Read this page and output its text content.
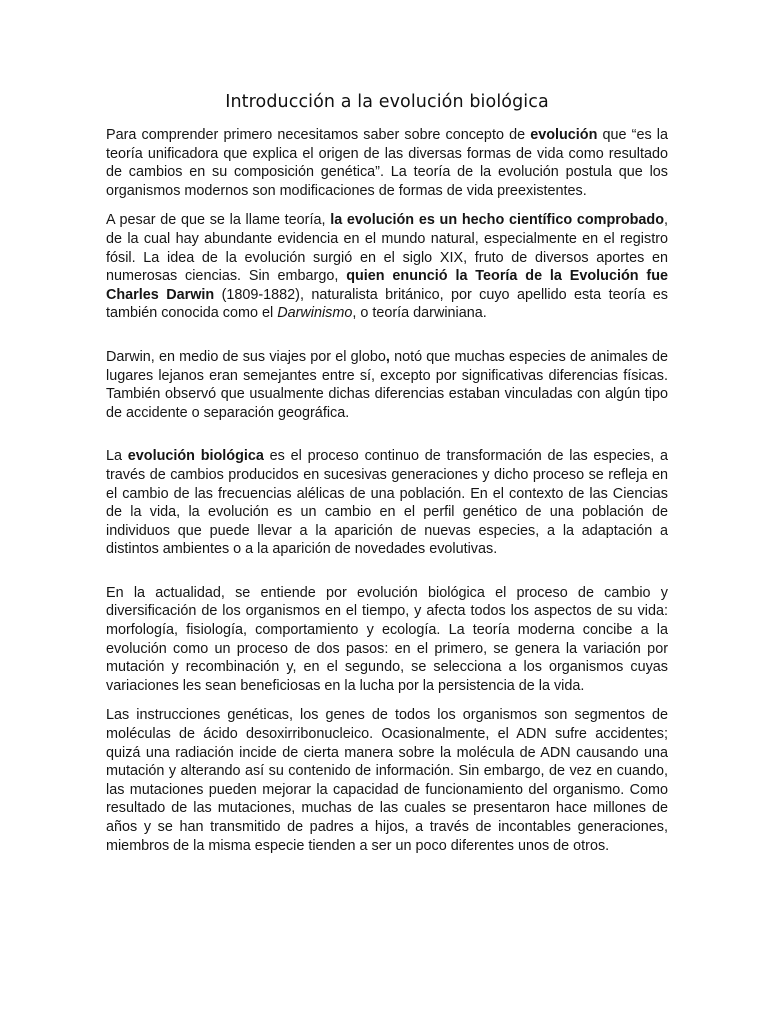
Introducción a la evolución biológica

Para comprender primero necesitamos saber sobre concepto de evolución que “es la teoría unificadora que explica el origen de las diversas formas de vida como resultado de cambios en su composición genética”. La teoría de la evolución postula que los organismos modernos son modificaciones de formas de vida preexistentes.

A pesar de que se la llame teoría, la evolución es un hecho científico comprobado, de la cual hay abundante evidencia en el mundo natural, especialmente en el registro fósil. La idea de la evolución surgió en el siglo XIX, fruto de diversos aportes en numerosas ciencias. Sin embargo, quien enunció la Teoría de la Evolución fue Charles Darwin (1809-1882), naturalista británico, por cuyo apellido esta teoría es también conocida como el Darwinismo, o teoría darwiniana.

Darwin, en medio de sus viajes por el globo, notó que muchas especies de animales de lugares lejanos eran semejantes entre sí, excepto por significativas diferencias físicas. También observó que usualmente dichas diferencias estaban vinculadas con algún tipo de accidente o separación geográfica.

La evolución biológica es el proceso continuo de transformación de las especies, a través de cambios producidos en sucesivas generaciones y dicho proceso se refleja en el cambio de las frecuencias alélicas de una población. En el contexto de las Ciencias de la vida, la evolución es un cambio en el perfil genético de una población de individuos que puede llevar a la aparición de nuevas especies, a la adaptación a distintos ambientes o a la aparición de novedades evolutivas.

En la actualidad, se entiende por evolución biológica el proceso de cambio y diversificación de los organismos en el tiempo, y afecta todos los aspectos de su vida: morfología, fisiología, comportamiento y ecología. La teoría moderna concibe a la evolución como un proceso de dos pasos: en el primero, se genera la variación por mutación y recombinación y, en el segundo, se selecciona a los organismos cuyas variaciones les sean beneficiosas en la lucha por la persistencia de la vida.

Las instrucciones genéticas, los genes de todos los organismos son segmentos de moléculas de ácido desoxirribonucleico. Ocasionalmente, el ADN sufre accidentes; quizá una radiación incide de cierta manera sobre la molécula de ADN causando una mutación y alterando así su contenido de información. Sin embargo, de vez en cuando, las mutaciones pueden mejorar la capacidad de funcionamiento del organismo. Como resultado de las mutaciones, muchas de las cuales se presentaron hace millones de años y se han transmitido de padres a hijos, a través de incontables generaciones, miembros de la misma especie tienden a ser un poco diferentes unos de otros.
